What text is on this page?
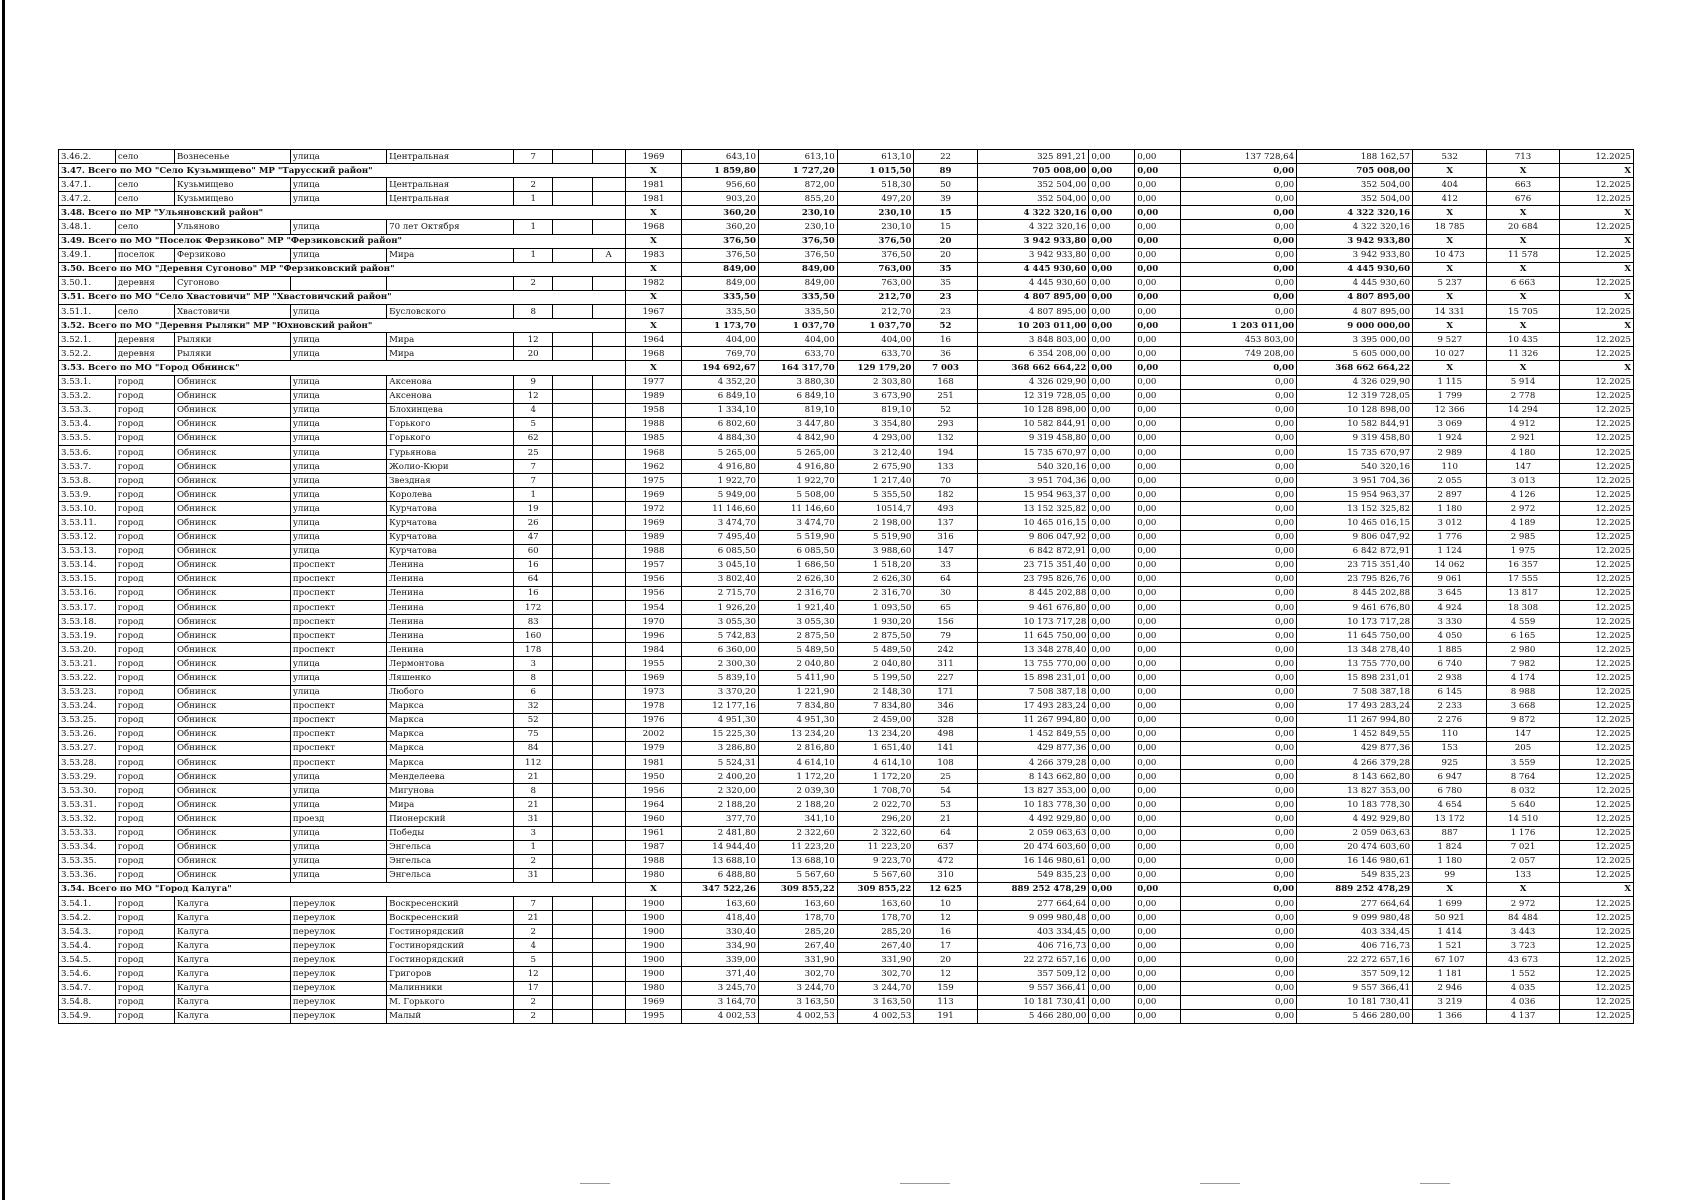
3.46.2.	село	Вознесенье	улица	Центральная	7			1969	643,10	613,10	613,10	22	325 891,21	0,00	0,00	137 728,64	188 162,57	532	713	12.2025
3.47. Всего по МО "Село Кузьмищево" МР "Тарусский район"								X	1 859,80	1 727,20	1 015,50	89	705 008,00	0,00	0,00	0,00	705 008,00	X	X	X
3.47.1.	село	Кузьмищево	улица	Центральная	2			1981	956,60	872,00	518,30	50	352 504,00	0,00	0,00	0,00	352 504,00	404	663	12.2025
3.47.2.	село	Кузьмищево	улица	Центральная	1			1981	903,20	855,20	497,20	39	352 504,00	0,00	0,00	0,00	352 504,00	412	676	12.2025
3.48. Всего по МР "Ульяновский район"								X	360,20	230,10	230,10	15	4 322 320,16	0,00	0,00	0,00	4 322 320,16	X	X	X
3.48.1.	село	Ульяново	улица	70 лет Октября	1			1968	360,20	230,10	230,10	15	4 322 320,16	0,00	0,00	0,00	4 322 320,16	18 785	20 684	12.2025
3.49. Всего по МО "Поселок Ферзиково" МР "Ферзиковский район"								X	376,50	376,50	376,50	20	3 942 933,80	0,00	0,00	0,00	3 942 933,80	X	X	X
3.49.1.	поселок	Ферзиково	улица	Мира	1		А	1983	376,50	376,50	376,50	20	3 942 933,80	0,00	0,00	0,00	3 942 933,80	10 473	11 578	12.2025
3.50. Всего по МО "Деревня Сугоново" МР "Ферзиковский район"								X	849,00	849,00	763,00	35	4 445 930,60	0,00	0,00	0,00	4 445 930,60	X	X	X
3.50.1.	деревня	Сугоново			2			1982	849,00	849,00	763,00	35	4 445 930,60	0,00	0,00	0,00	4 445 930,60	5 237	6 663	12.2025
3.51. Всего по МО "Село Хвастовичи" МР "Хвастовичский район"								X	335,50	335,50	212,70	23	4 807 895,00	0,00	0,00	0,00	4 807 895,00	X	X	X
3.51.1.	село	Хвастовичи	улица	Бусловского	8			1967	335,50	335,50	212,70	23	4 807 895,00	0,00	0,00	0,00	4 807 895,00	14 331	15 705	12.2025
3.52. Всего по МО "Деревня Рыляки" МР "Юхновский район"								X	1 173,70	1 037,70	1 037,70	52	10 203 011,00	0,00	0,00	1 203 011,00	9 000 000,00	X	X	X
3.52.1.	деревня	Рыляки	улица	Мира	12			1964	404,00	404,00	404,00	16	3 848 803,00	0,00	0,00	453 803,00	3 395 000,00	9 527	10 435	12.2025
3.52.2.	деревня	Рыляки	улица	Мира	20			1968	769,70	633,70	633,70	36	6 354 208,00	0,00	0,00	749 208,00	5 605 000,00	10 027	11 326	12.2025
3.53. Всего по МО "Город Обнинск"								X	194 692,67	164 317,70	129 179,20	7 003	368 662 664,22	0,00	0,00	0,00	368 662 664,22	X	X	X
3.53.1.	город	Обнинск	улица	Аксенова	9			1977	4 352,20	3 880,30	2 303,80	168	4 326 029,90	0,00	0,00	0,00	4 326 029,90	1 115	5 914	12.2025
3.53.2.	город	Обнинск	улица	Аксенова	12			1989	6 849,10	6 849,10	3 673,90	251	12 319 728,05	0,00	0,00	0,00	12 319 728,05	1 799	2 778	12.2025
3.53.3.	город	Обнинск	улица	Блохинцева	4			1958	1 334,10	819,10	819,10	52	10 128 898,00	0,00	0,00	0,00	10 128 898,00	12 366	14 294	12.2025
3.53.4.	город	Обнинск	улица	Горького	5			1988	6 802,60	3 447,80	3 354,80	293	10 582 844,91	0,00	0,00	0,00	10 582 844,91	3 069	4 912	12.2025
3.53.5.	город	Обнинск	улица	Горького	62			1985	4 884,30	4 842,90	4 293,00	132	9 319 458,80	0,00	0,00	0,00	9 319 458,80	1 924	2 921	12.2025
3.53.6.	город	Обнинск	улица	Гурьянова	25			1968	5 265,00	5 265,00	3 212,40	194	15 735 670,97	0,00	0,00	0,00	15 735 670,97	2 989	4 180	12.2025
3.53.7.	город	Обнинск	улица	Жолио-Кюри	7			1962	4 916,80	4 916,80	2 675,90	133	540 320,16	0,00	0,00	0,00	540 320,16	110	147	12.2025
3.53.8.	город	Обнинск	улица	Звездная	7			1975	1 922,70	1 922,70	1 217,40	70	3 951 704,36	0,00	0,00	0,00	3 951 704,36	2 055	3 013	12.2025
3.53.9.	город	Обнинск	улица	Королева	1			1969	5 949,00	5 508,00	5 355,50	182	15 954 963,37	0,00	0,00	0,00	15 954 963,37	2 897	4 126	12.2025
3.53.10.	город	Обнинск	улица	Курчатова	19			1972	11 146,60	11 146,60	10514,7	493	13 152 325,82	0,00	0,00	0,00	13 152 325,82	1 180	2 972	12.2025
3.53.11.	город	Обнинск	улица	Курчатова	26			1969	3 474,70	3 474,70	2 198,00	137	10 465 016,15	0,00	0,00	0,00	10 465 016,15	3 012	4 189	12.2025
3.53.12.	город	Обнинск	улица	Курчатова	47			1989	7 495,40	5 519,90	5 519,90	316	9 806 047,92	0,00	0,00	0,00	9 806 047,92	1 776	2 985	12.2025
3.53.13.	город	Обнинск	улица	Курчатова	60			1988	6 085,50	6 085,50	3 988,60	147	6 842 872,91	0,00	0,00	0,00	6 842 872,91	1 124	1 975	12.2025
3.53.14.	город	Обнинск	проспект	Ленина	16			1957	3 045,10	1 686,50	1 518,20	33	23 715 351,40	0,00	0,00	0,00	23 715 351,40	14 062	16 357	12.2025
3.53.15.	город	Обнинск	проспект	Ленина	64			1956	3 802,40	2 626,30	2 626,30	64	23 795 826,76	0,00	0,00	0,00	23 795 826,76	9 061	17 555	12.2025
3.53.16.	город	Обнинск	проспект	Ленина	16			1956	2 715,70	2 316,70	2 316,70	30	8 445 202,88	0,00	0,00	0,00	8 445 202,88	3 645	13 817	12.2025
3.53.17.	город	Обнинск	проспект	Ленина	172			1954	1 926,20	1 921,40	1 093,50	65	9 461 676,80	0,00	0,00	0,00	9 461 676,80	4 924	18 308	12.2025
3.53.18.	город	Обнинск	проспект	Ленина	83			1970	3 055,30	3 055,30	1 930,20	156	10 173 717,28	0,00	0,00	0,00	10 173 717,28	3 330	4 559	12.2025
3.53.19.	город	Обнинск	проспект	Ленина	160			1996	5 742,83	2 875,50	2 875,50	79	11 645 750,00	0,00	0,00	0,00	11 645 750,00	4 050	6 165	12.2025
3.53.20.	город	Обнинск	проспект	Ленина	178			1984	6 360,00	5 489,50	5 489,50	242	13 348 278,40	0,00	0,00	0,00	13 348 278,40	1 885	2 980	12.2025
3.53.21.	город	Обнинск	улица	Лермонтова	3			1955	2 300,30	2 040,80	2 040,80	311	13 755 770,00	0,00	0,00	0,00	13 755 770,00	6 740	7 982	12.2025
3.53.22.	город	Обнинск	улица	Ляшенко	8			1969	5 839,10	5 411,90	5 199,50	227	15 898 231,01	0,00	0,00	0,00	15 898 231,01	2 938	4 174	12.2025
3.53.23.	город	Обнинск	улица	Любого	6			1973	3 370,20	1 221,90	2 148,30	171	7 508 387,18	0,00	0,00	0,00	7 508 387,18	6 145	8 988	12.2025
3.53.24.	город	Обнинск	проспект	Маркса	32			1978	12 177,16	7 834,80	7 834,80	346	17 493 283,24	0,00	0,00	0,00	17 493 283,24	2 233	3 668	12.2025
3.53.25.	город	Обнинск	проспект	Маркса	52			1976	4 951,30	4 951,30	2 459,00	328	11 267 994,80	0,00	0,00	0,00	11 267 994,80	2 276	9 872	12.2025
3.53.26.	город	Обнинск	проспект	Маркса	75			2002	15 225,30	13 234,20	13 234,20	498	1 452 849,55	0,00	0,00	0,00	1 452 849,55	110	147	12.2025
3.53.27.	город	Обнинск	проспект	Маркса	84			1979	3 286,80	2 816,80	1 651,40	141	429 877,36	0,00	0,00	0,00	429 877,36	153	205	12.2025
3.53.28.	город	Обнинск	проспект	Маркса	112			1981	5 524,31	4 614,10	4 614,10	108	4 266 379,28	0,00	0,00	0,00	4 266 379,28	925	3 559	12.2025
3.53.29.	город	Обнинск	улица	Менделеева	21			1950	2 400,20	1 172,20	1 172,20	25	8 143 662,80	0,00	0,00	0,00	8 143 662,80	6 947	8 764	12.2025
3.53.30.	город	Обнинск	улица	Мигунова	8			1956	2 320,00	2 039,30	1 708,70	54	13 827 353,00	0,00	0,00	0,00	13 827 353,00	6 780	8 032	12.2025
3.53.31.	город	Обнинск	улица	Мира	21			1964	2 188,20	2 188,20	2 022,70	53	10 183 778,30	0,00	0,00	0,00	10 183 778,30	4 654	5 640	12.2025
3.53.32.	город	Обнинск	проезд	Пионерский	31			1960	377,70	341,10	296,20	21	4 492 929,80	0,00	0,00	0,00	4 492 929,80	13 172	14 510	12.2025
3.53.33.	город	Обнинск	улица	Победы	3			1961	2 481,80	2 322,60	2 322,60	64	2 059 063,63	0,00	0,00	0,00	2 059 063,63	887	1 176	12.2025
3.53.34.	город	Обнинск	улица	Энгельса	1			1987	14 944,40	11 223,20	11 223,20	637	20 474 603,60	0,00	0,00	0,00	20 474 603,60	1 824	7 021	12.2025
3.53.35.	город	Обнинск	улица	Энгельса	2			1988	13 688,10	13 688,10	9 223,70	472	16 146 980,61	0,00	0,00	0,00	16 146 980,61	1 180	2 057	12.2025
3.53.36.	город	Обнинск	улица	Энгельса	31			1980	6 488,80	5 567,60	5 567,60	310	549 835,23	0,00	0,00	0,00	549 835,23	99	133	12.2025
3.54. Всего по МО "Город Калуга"								X	347 522,26	309 855,22	309 855,22	12 625	889 252 478,29	0,00	0,00	0,00	889 252 478,29	X	X	X
3.54.1.	город	Калуга	переулок	Воскресенский	7			1900	163,60	163,60	163,60	10	277 664,64	0,00	0,00	0,00	277 664,64	1 699	2 972	12.2025
3.54.2.	город	Калуга	переулок	Воскресенский	21			1900	418,40	178,70	178,70	12	9 099 980,48	0,00	0,00	0,00	9 099 980,48	50 921	84 484	12.2025
3.54.3.	город	Калуга	переулок	Гостинорядский	2			1900	330,40	285,20	285,20	16	403 334,45	0,00	0,00	0,00	403 334,45	1 414	3 443	12.2025
3.54.4.	город	Калуга	переулок	Гостинорядский	4			1900	334,90	267,40	267,40	17	406 716,73	0,00	0,00	0,00	406 716,73	1 521	3 723	12.2025
3.54.5.	город	Калуга	переулок	Гостинорядский	5			1900	339,00	331,90	331,90	20	22 272 657,16	0,00	0,00	0,00	22 272 657,16	67 107	43 673	12.2025
3.54.6.	город	Калуга	переулок	Григоров	12			1900	371,40	302,70	302,70	12	357 509,12	0,00	0,00	0,00	357 509,12	1 181	1 552	12.2025
3.54.7.	город	Калуга	переулок	Малинники	17			1980	3 245,70	3 244,70	3 244,70	159	9 557 366,41	0,00	0,00	0,00	9 557 366,41	2 946	4 035	12.2025
3.54.8.	город	Калуга	переулок	М. Горького	2			1969	3 164,70	3 163,50	3 163,50	113	10 181 730,41	0,00	0,00	0,00	10 181 730,41	3 219	4 036	12.2025
3.54.9.	город	Калуга	переулок	Малый	2			1995	4 002,53	4 002,53	4 002,53	191	5 466 280,00	0,00	0,00	0,00	5 466 280,00	1 366	4 137	12.2025
